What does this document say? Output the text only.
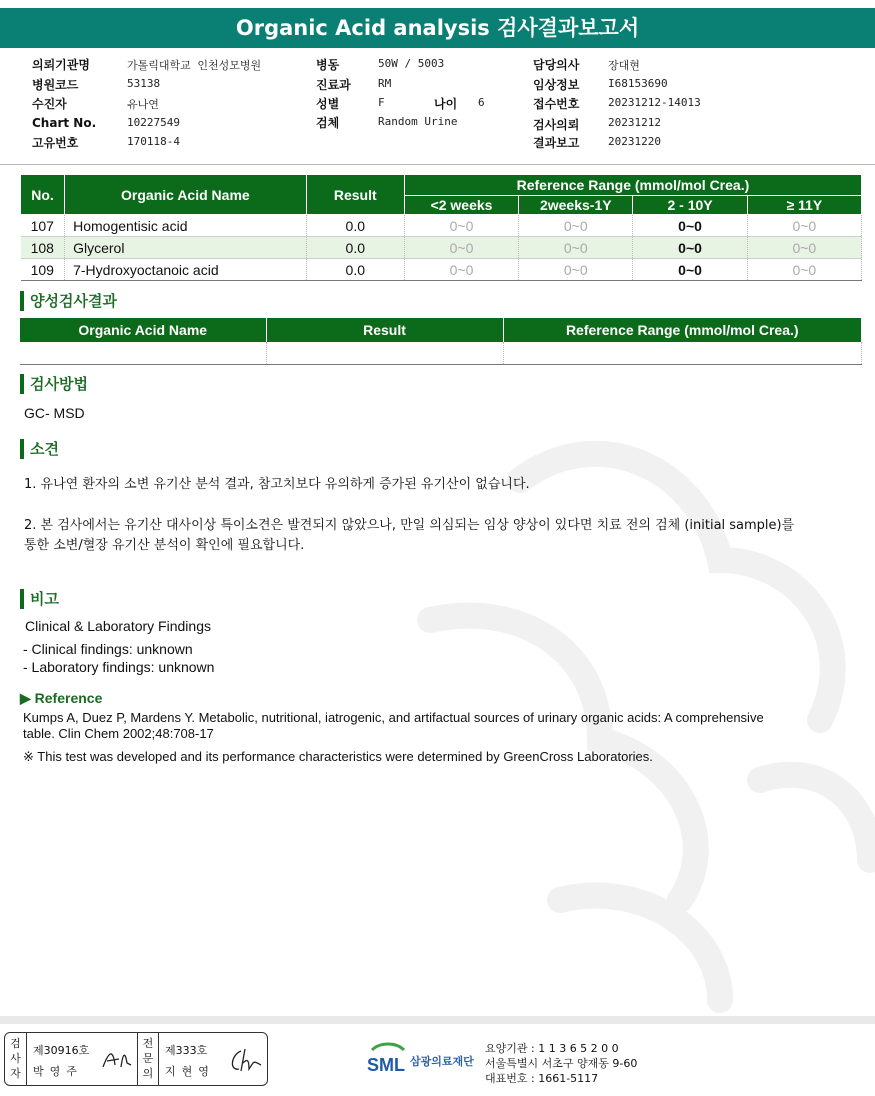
Organic Acid analysis 검사결과보고서
의뢰기관명	가톨릭대학교 인천성모병원
병원코드	53138
수진자	유나연
Chart No.	10227549
고유번호	170118-4
병동	50W / 5003
진료과 RM
성별	F	나이 6
검체	Random Urine
담당의사	장대현
임상정보	I68153690
접수번호	20231212-14013
검사의뢰	20231212
결과보고	20231220
No.	Organic Acid Name	Result	Reference Range (mmol/mol Crea.)			
			<2 weeks	2weeks-1Y	2 - 10Y	≥ 11Y
107	Homogentisic acid	0.0	0~0	0~0	0~0	0~0
108	Glycerol	0.0	0~0	0~0	0~0	0~0
109	7-Hydroxyoctanoic acid	0.0	0~0	0~0	0~0	0~0
양성검사결과
Organic Acid Name	Result	Reference Range (mmol/mol Crea.)

검사방법
GC- MSD
소견
1. 유나연 환자의 소변 유기산 분석 결과, 참고치보다 유의하게 증가된 유기산이 없습니다.
2. 본 검사에서는 유기산 대사이상 특이소견은 발견되지 않았으나, 만일 의심되는 임상 양상이 있다면 치료 전의 검체 (initial sample)를
통한 소변/혈장 유기산 분석이 확인에 필요합니다.
비고
Clinical & Laboratory Findings
- Clinical findings: unknown
- Laboratory findings: unknown
▶ Reference
Kumps A, Duez P, Mardens Y. Metabolic, nutritional, iatrogenic, and artifactual sources of urinary organic acids: A comprehensive
table. Clin Chem 2002;48:708-17
※ This test was developed and its performance characteristics were determined by GreenCross Laboratories.
검
사
자
제30916호
박영주
전
문
의
제333호
지현영	SML 삼광의료재단
요양기관 : 1 1 3 6 5 2 0 0
서울특별시 서초구 양재동 9-60
대표번호 : 1661-5117
